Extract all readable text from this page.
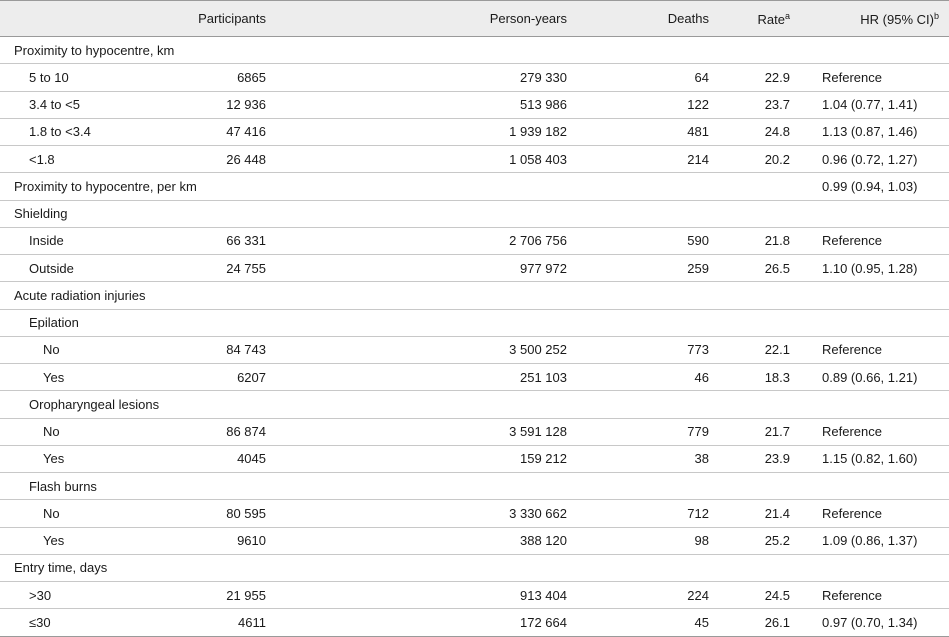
	Participants	Person-years	Deaths	Rate$^a$	HR (95% CI)$^b$
Proximity to hypocentre, km					
5 to 10	6865	279 330	64	22.9	Reference
3.4 to <5	12 936	513 986	122	23.7	1.04 (0.77, 1.41)
1.8 to <3.4	47 416	1 939 182	481	24.8	1.13 (0.87, 1.46)
<1.8	26 448	1 058 403	214	20.2	0.96 (0.72, 1.27)
Proximity to hypocentre, per km					0.99 (0.94, 1.03)
Shielding					
Inside	66 331	2 706 756	590	21.8	Reference
Outside	24 755	977 972	259	26.5	1.10 (0.95, 1.28)
Acute radiation injuries					
Epilation					
No	84 743	3 500 252	773	22.1	Reference
Yes	6207	251 103	46	18.3	0.89 (0.66, 1.21)
Oropharyngeal lesions					
No	86 874	3 591 128	779	21.7	Reference
Yes	4045	159 212	38	23.9	1.15 (0.82, 1.60)
Flash burns					
No	80 595	3 330 662	712	21.4	Reference
Yes	9610	388 120	98	25.2	1.09 (0.86, 1.37)
Entry time, days					
>30	21 955	913 404	224	24.5	Reference
≤30	4611	172 664	45	26.1	0.97 (0.70, 1.34)
